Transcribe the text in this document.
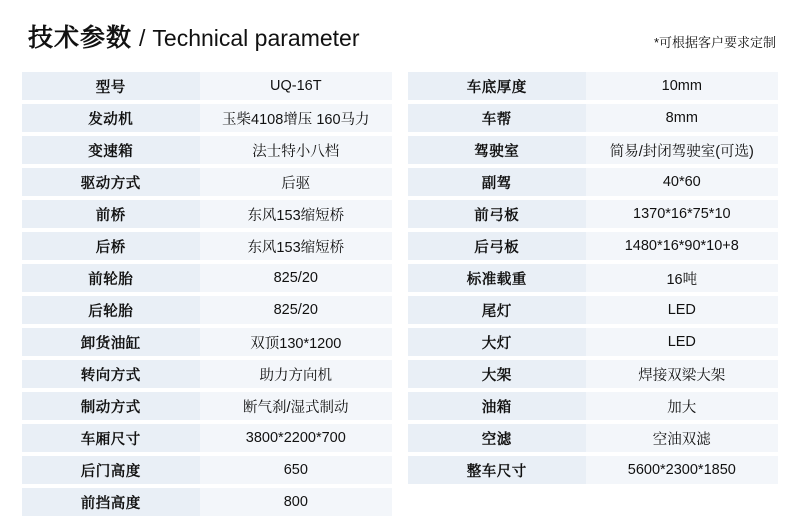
技术参数 / Technical parameter	*可根据客户要求定制
型号	UQ-16T
发动机	玉柴4108增压 160马力
变速箱	法士特小八档
驱动方式	后驱
前桥	东风153缩短桥
后桥	东风153缩短桥
前轮胎	825/20
后轮胎	825/20
卸货油缸	双顶130*1200
转向方式	助力方向机
制动方式	断气刹/湿式制动
车厢尺寸	3800*2200*700
后门高度	650
前挡高度	800
车底厚度	10mm
车帮	8mm
驾驶室	简易/封闭驾驶室(可选)
副驾	40*60
前弓板	1370*16*75*10
后弓板	1480*16*90*10+8
标准载重	16吨
尾灯	LED
大灯	LED
大架	焊接双梁大架
油箱	加大
空滤	空油双滤
整车尺寸	5600*2300*1850
